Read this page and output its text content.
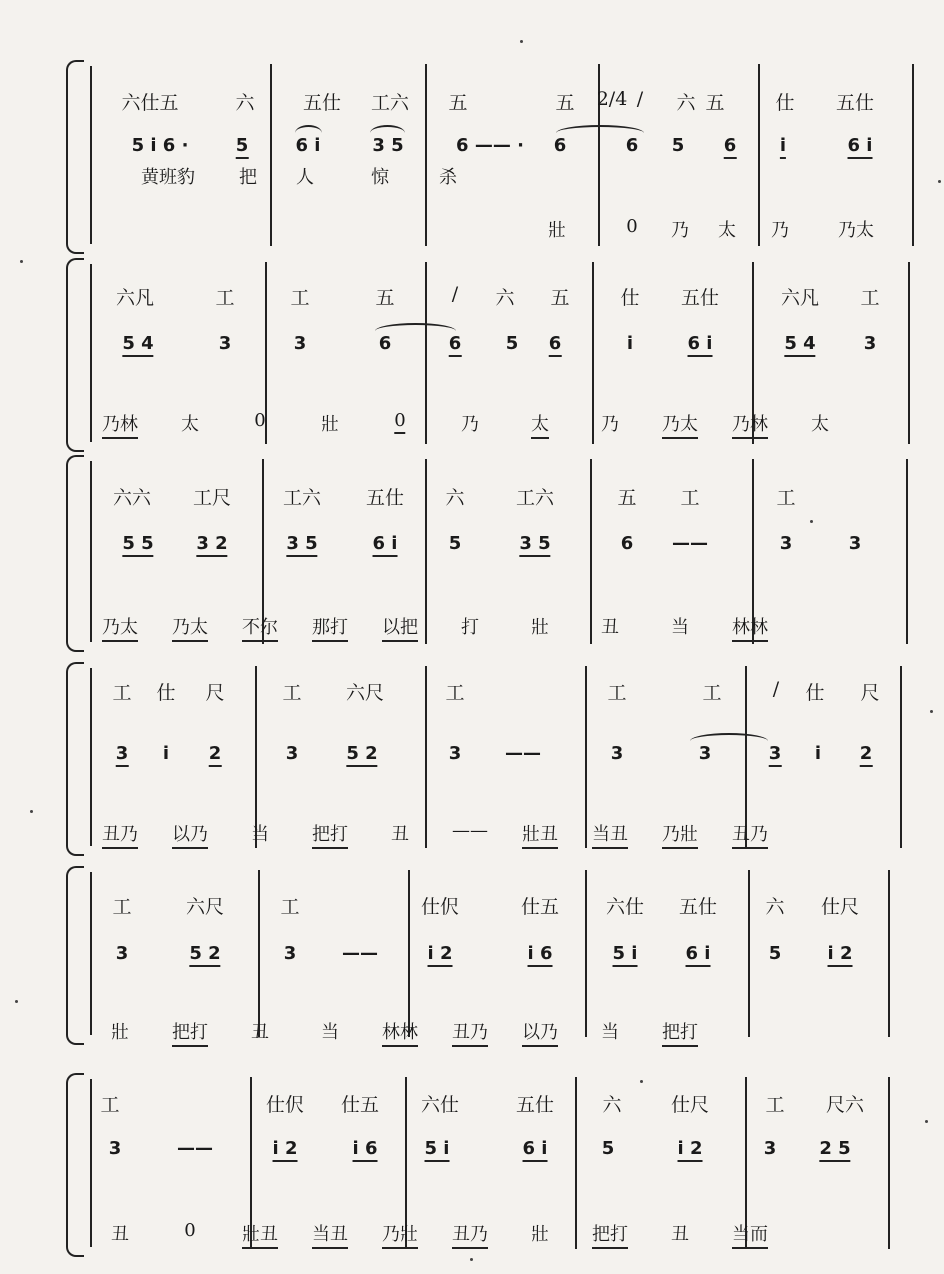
六仕五	六	五仕 工六 五	五 2/4 / 六 五	仕 五仕
5 i 6 ·	5	6 i	3 5	6 —— · 6	6 5 6 i	6 i
黄班豹 把 人	惊	杀
壯	0 乃 太 乃	乃太
六凡	工	工	五	/ 六 五	仕 五仕	六凡 工
5 4	3	3	6	6 5 6	i	6 i	5 4	3
乃林 太	0	壯	0	乃	太	乃 乃太 乃林 太
六六 工尺	工六 五仕 六	工六	五 工	工
5 5 3 2	3 5	6 i	5	3 5	6 ——	3	3
乃太 乃太 不尔 那打 以把 打	壯	丑	当 林林
工 仕 尺	工 六尺	工	工	工	/ 仕 尺
3 i 2	3	5 2	3 ——	3	3	3 i 2
丑乃 以乃 当 把打 丑 —— 壯丑 当丑 乃壯 丑乃
工	六尺	工	仕伬	仕五 六仕 五仕	六 仕尺
3	5 2	3	——	i 2	i 6	5 i	6 i	5	i 2
壯 把打 丑	当 林林 丑乃 以乃 当 把打
工	仕伬 仕五 六仕	五仕	六	仕尺	工 尺六
3	——	i 2	i 6	5 i	6 i	5	i 2	3 2 5
丑	0	壯丑 当丑 乃壯 丑乃 壯 把打 丑 当而
